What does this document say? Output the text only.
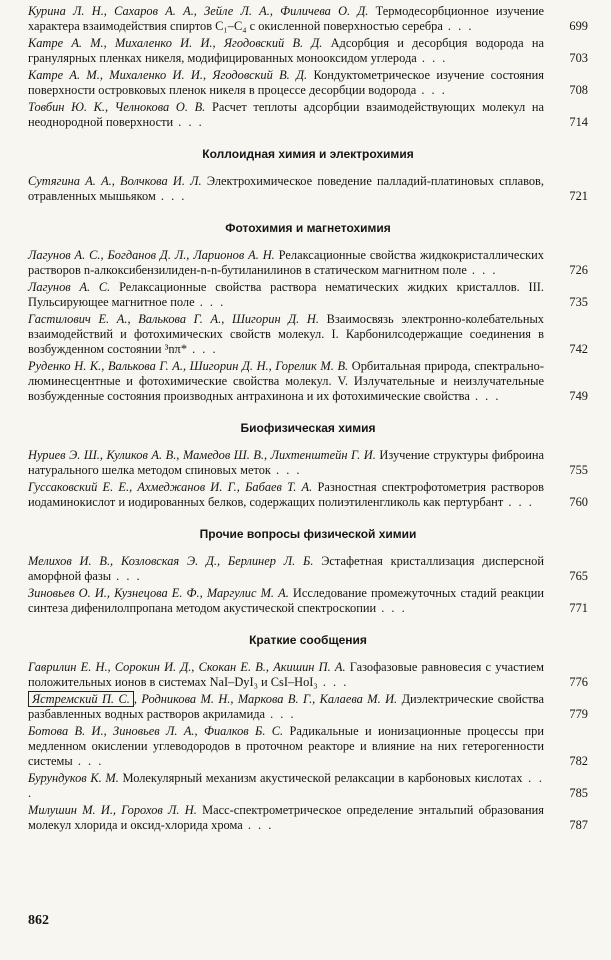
Курина Л. Н., Сахаров А. А., Зейле Л. А., Филичева О. Д. Термодесорбционное изучение характера взаимодействия спиртов C₁–C₄ с окисленной поверхностью серебра . . .	699
Катре А. М., Михаленко И. И., Ягодовский В. Д. Адсорбция и десорбция водорода на гранулярных пленках никеля, модифицированных монооксидом углерода . . .	703
Катре А. М., Михаленко И. И., Ягодовский В. Д. Кондуктометрическое изучение состояния поверхности островковых пленок никеля в процессе десорбции водорода . . .	708
Товбин Ю. К., Челнокова О. В. Расчет теплоты адсорбции взаимодействующих молекул на неоднородной поверхности . . .	714
Коллоидная химия и электрохимия
Сутягина А. А., Волчкова И. Л. Электрохимическое поведение палладий-платиновых сплавов, отравленных мышьяком . . .	721
Фотохимия и магнетохимия
Лагунов А. С., Богданов Д. Л., Ларионов А. Н. Релаксационные свойства жидкокристаллических растворов n-алкоксибензилиден-n-n-бутиланилинов в статическом магнитном поле . . .	726
Лагунов А. С. Релаксационные свойства раствора нематических жидких кристаллов. III. Пульсирующее магнитное поле . . .	735
Гастилович Е. А., Валькова Г. А., Шигорин Д. Н. Взаимосвязь электронно-колебательных взаимодействий и фотохимических свойств молекул. I. Карбонилсодержащие соединения в возбужденном состоянии ³nπ* . . .	742
Руденко Н. К., Валькова Г. А., Шигорин Д. Н., Горелик М. В. Орбитальная природа, спектрально-люминесцентные и фотохимические свойства молекул. V. Излучательные и неизлучательные возбужденные состояния производных антрахинона и их фотохимические свойства . . .	749
Биофизическая химия
Нуриев Э. Ш., Куликов А. В., Мамедов Ш. В., Лихтенштейн Г. И. Изучение структуры фиброина натурального шелка методом спиновых меток . . .	755
Гуссаковский Е. Е., Ахмеджанов И. Г., Бабаев Т. А. Разностная спектрофотометрия растворов иодаминокислот и иодированных белков, содержащих полиэтиленгликоль как пертурбант . . .	760
Прочие вопросы физической химии
Мелихов И. В., Козловская Э. Д., Берлинер Л. Б. Эстафетная кристаллизация дисперсной аморфной фазы . . .	765
Зиновьев О. И., Кузнецова Е. Ф., Маргулис М. А. Исследование промежуточных стадий реакции синтеза дифенилолпропана методом акустической спектроскопии . . .	771
Краткие сообщения
Гаврилин Е. Н., Сорокин И. Д., Скокан Е. В., Акишин П. А. Газофазовые равновесия с участием положительных ионов в системах NaI–DyI₃ и CsI–HoI₃ . . .	776
Ястремский П. С. , Родникова М. Н., Маркова В. Г., Калаева М. И. Диэлектрические свойства разбавленных водных растворов акриламида . . .	779
Ботова В. И., Зиновьев Л. А., Фиалков Б. С. Радикальные и ионизационные процессы при медленном окислении углеводородов в проточном реакторе и влияние на них гетерогенности системы . . .	782
Бурундуков К. М. Молекулярный механизм акустической релаксации в карбоновых кислотах . . .	785
Милушин М. И., Горохов Л. Н. Масс-спектрометрическое определение энтальпий образования молекул хлорида и оксид-хлорида хрома . . .	787
862
